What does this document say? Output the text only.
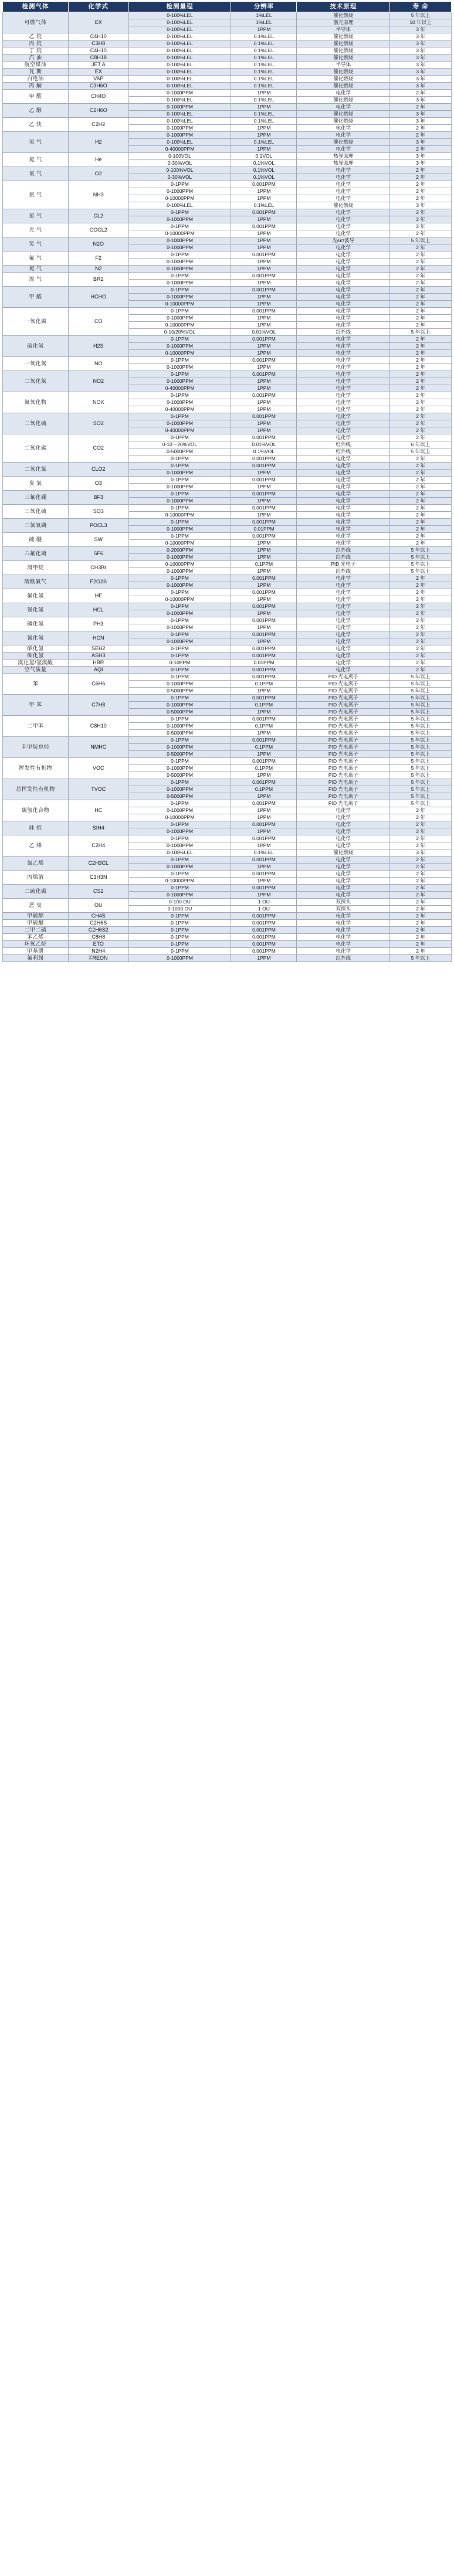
检测气体	化学式	检测量程	分辨率	技术原理	寿 命
可燃气体	EX	0-100%LEL	1%LEL	催化燃烧	5 年以上
		0-100%LEL	1%LEL	激光原理	10 年以上
		0-100%LEL	1PPM	半导体	3 年
乙 烷	C4H10	0-100%LEL	0.1%LEL	催化燃烧	3 年
丙 烷	C3H8	0-100%LEL	0.1%LEL	催化燃烧	3 年
丁 烷	C4H10	0-100%LEL	0.1%LEL	催化燃烧	3 年
汽 油	C8H18	0-100%LEL	0.1%LEL	催化燃烧	3 年
航空煤油	JET A	0-100%LEL	0.1%LEL	半导体	3 年
瓦 斯	EX	0-100%LEL	0.1%LEL	催化燃烧	3 年
白电油	VAP	0-100%LEL	0.1%LEL	催化燃烧	3 年
丙 酮	C3H6O	0-100%LEL	0.1%LEL	催化燃烧	3 年
甲 醛	CH4O	0-1000PPM	1PPM	电化学	2 年
		0-100%LEL	0.1%LEL	催化燃烧	3 年
乙 醇	C2H6O	0-1000PPM	1PPM	电化学	2 年
		0-100%LEL	0.1%LEL	催化燃烧	3 年
乙 炔	C2H2	0-100%LEL	0.1%LEL	催化燃烧	3 年
		0-1000PPM	1PPM	电化学	2 年
氢 气	H2	0-1000PPM	1PPM	电化学	2 年
		0-100%LEL	0.1%LEL	催化燃烧	3 年
		0-40000PPM	1PPM	电化学	2 年
氦 气	He	0-100VOL	0.1VOL	热导原理	3 年
		0-30%VOL	0.1%VOL	热导原理	3 年
氧 气	O2	0-100%VOL	0.1%VOL	电化学	2 年
		0-30%VOL	0.1%VOL	电化学	2 年
氨 气	NH3	0-1PPM	0.001PPM	电化学	2 年
		0-1000PPM	1PPM	电化学	2 年
		0-10000PPM	1PPM	电化学	2 年
		0-100%LEL	0.1%LEL	催化燃烧	3 年
氯 气	CL2	0-1PPM	0.001PPM	电化学	2 年
		0-1000PPM	1PPM	电化学	2 年
光 气	COCL2	0-1PPM	0.001PPM	电化学	2 年
		0-10000PPM	1PPM	电化学	2 年
笑 气	N2O	0-1000PPM	1PPM	光єкт波导	5 年以上
		0-1000PPM	1PPM	电化学	2 年
氟 气	F2	0-1PPM	0.001PPM	电化学	2 年
		0-1000PPM	1PPM	电化学	2 年
氮 气	N2	0-1000PPM	1PPM	电化学	2 年
溴 气	BR2	0-1PPM	0.001PPM	电化学	2 年
		0-1000PPM	1PPM	电化学	2 年
甲 醛	HCHO	0-1PPM	0.001PPM	电化学	2 年
		0-1000PPM	1PPM	电化学	2 年
		0-10000PPM	1PPM	电化学	2 年
一氧化碳	CO	0-1PPM	0.001PPM	电化学	2 年
		0-1000PPM	1PPM	电化学	2 年
		0-10000PPM	1PPM	电化学	2 年
		0-10/20%VOL	0.01%VOL	红外线	5 年以上
硫化氢	H2S	0-1PPM	0.001PPM	电化学	2 年
		0-1000PPM	1PPM	电化学	2 年
		0-10000PPM	1PPM	电化学	2 年
一氧化氮	NO	0-1PPM	0.001PPM	电化学	2 年
		0-1000PPM	1PPM	电化学	2 年
二氧化氮	NO2	0-1PPM	0.001PPM	电化学	2 年
		0-1000PPM	1PPM	电化学	2 年
		0-40000PPM	1PPM	电化学	2 年
氮氧化物	NOX	0-1PPM	0.001PPM	电化学	2 年
		0-1000PPM	1PPM	电化学	2 年
		0-40000PPM	1PPM	电化学	2 年
二氧化硫	SO2	0-1PPM	0.001PPM	电化学	2 年
		0-1000PPM	1PPM	电化学	2 年
		0-40000PPM	1PPM	电化学	2 年
二氧化碳	CO2	0-1PPM	0.001PPM	电化学	2 年
		0-10～20%VOL	0.01%VOL	红外线	6 年以上
		0-5000PPM	0.1%VOL	红外线	5 年以上
		0-1PPM	0.001PPM	电化学	2 年
二氧化氯	CLO2	0-1PPM	0.001PPM	电化学	2 年
		0-1000PPM	1PPM	电化学	2 年
臭 氧	O3	0-1PPM	0.001PPM	电化学	2 年
		0-1000PPM	1PPM	电化学	2 年
三氟化硼	BF3	0-1PPM	0.001PPM	电化学	2 年
		0-1000PPM	1PPM	电化学	2 年
三氧化硫	SO3	0-1PPM	0.001PPM	电化学	2 年
		0-10000PPM	1PPM	电化学	2 年
三氯氧磷	POCL3	0-1PPM	0.001PPM	电化学	2 年
		0-1000PPM	0.01PPM	电化学	2 年
硫 醚	SW	0-1PPM	0.001PPM	电化学	2 年
		0-10000PPM	1PPM	电化学	2 年
六氟化硫	SF6	0-2000PPM	1PPM	红外线	5 年以上
		0-1000PPM	1PPM	红外线	5 年以上
溴甲烷	CH3Br	0-10000PPM	0.1PPM	PID 光电子	5 年以上
		0-1000PPM	1PPM	红外线	5 年以上
硫酰氟气	F2O2S	0-1PPM	0.001PPM	电化学	2 年
		0-1000PPM	1PPM	电化学	2 年
氟化氢	HF	0-1PPM	0.001PPM	电化学	2 年
		0-10000PPM	1PPM	电化学	2 年
氯化氢	HCL	0-1PPM	0.001PPM	电化学	2 年
		0-1000PPM	1PPM	电化学	2 年
磷化氢	PH3	0-1PPM	0.001PPM	电化学	2 年
		0-1000PPM	1PPM	电化学	2 年
氰化氢	HCN	0-1PPM	0.001PPM	电化学	2 年
		0-1000PPM	1PPM	电化学	2 年
硒化氢	SEH2	0-1PPM	0.001PPM	电化学	2 年
砷化氢	ASH3	0-1PPM	0.001PPM	电化学	2 年
溴化氢/氢溴酸	HBR	0-10PPM	0.01PPM	电化学	2 年
空气质量	AQI	0-1PPM	0.001PPM	电化学	2 年
苯	C6H6	0-1PPM	0.001PPM	PID 光电离子	5 年以上
		0-1000PPM	0.1PPM	PID 光电离子	5 年以上
		0-5000PPM	1PPM	PID 光电离子	5 年以上
甲 苯	C7H8	0-1PPM	0.001PPM	PID 光电离子	5 年以上
		0-1000PPM	0.1PPM	PID 光电离子	5 年以上
		0-5000PPM	1PPM	PID 光电离子	5 年以上
二甲苯	C8H10	0-1PPM	0.001PPM	PID 光电离子	5 年以上
		0-1000PPM	0.1PPM	PID 光电离子	5 年以上
		0-5000PPM	1PPM	PID 光电离子	5 年以上
非甲烷总烃	NMHC	0-1PPM	0.001PPM	PID 光电离子	5 年以上
		0-1000PPM	0.1PPM	PID 光电离子	5 年以上
		0-5000PPM	1PPM	PID 光电离子	5 年以上
挥发性有机物	VOC	0-1PPM	0.001PPM	PID 光电离子	5 年以上
		0-1000PPM	0.1PPM	PID 光电离子	5 年以上
		0-5000PPM	1PPM	PID 光电离子	5 年以上
总挥发性有机物	TVOC	0-1PPM	0.001PPM	PID 光电离子	5 年以上
		0-1000PPM	0.1PPM	PID 光电离子	5 年以上
		0-5000PPM	1PPM	PID 光电离子	5 年以上
碳氢化合物	HC	0-1PPM	0.001PPM	PID 光电离子	5 年以上
		0-1000PPM	1PPM	电化学	2 年
		0-10000PPM	1PPM	电化学	2 年
硅 烷	SIH4	0-1PPM	0.001PPM	电化学	2 年
		0-1000PPM	1PPM	电化学	2 年
乙 烯	C2H4	0-1PPM	0.001PPM	电化学	2 年
		0-1000PPM	1PPM	电化学	2 年
		0-100%LEL	0.1%LEL	催化燃烧	3 年
氯乙烯	C2H3CL	0-1PPM	0.001PPM	电化学	2 年
		0-1000PPM	1PPM	电化学	2 年
丙烯腈	C3H3N	0-1PPM	0.001PPM	电化学	2 年
		0-10000PPM	1PPM	电化学	2 年
二硫化碳	CS2	0-1PPM	0.001PPM	电化学	2 年
		0-1000PPM	1PPM	电化学	2 年
恶 臭	OU	0-100 OU	1 OU	双探头	2 年
		0-1000 OU	1 OU	双探头	2 年
甲硫醇	CH4S	0-1PPM	0.001PPM	电化学	2 年
甲硫醚	C2H6S	0-1PPM	0.001PPM	电化学	2 年
二甲二硫	C2H6S2	0-1PPM	0.001PPM	电化学	2 年
苯乙烯	C8H8	0-1PPM	0.001PPM	电化学	2 年
环氧乙烷	ETO	0-1PPM	0.001PPM	电化学	2 年
甲基肼	N2H4	0-1PPM	0.001PPM	电化学	2 年
氟利昂	FREON	0-1000PPM	1PPM	红外线	5 年以上
